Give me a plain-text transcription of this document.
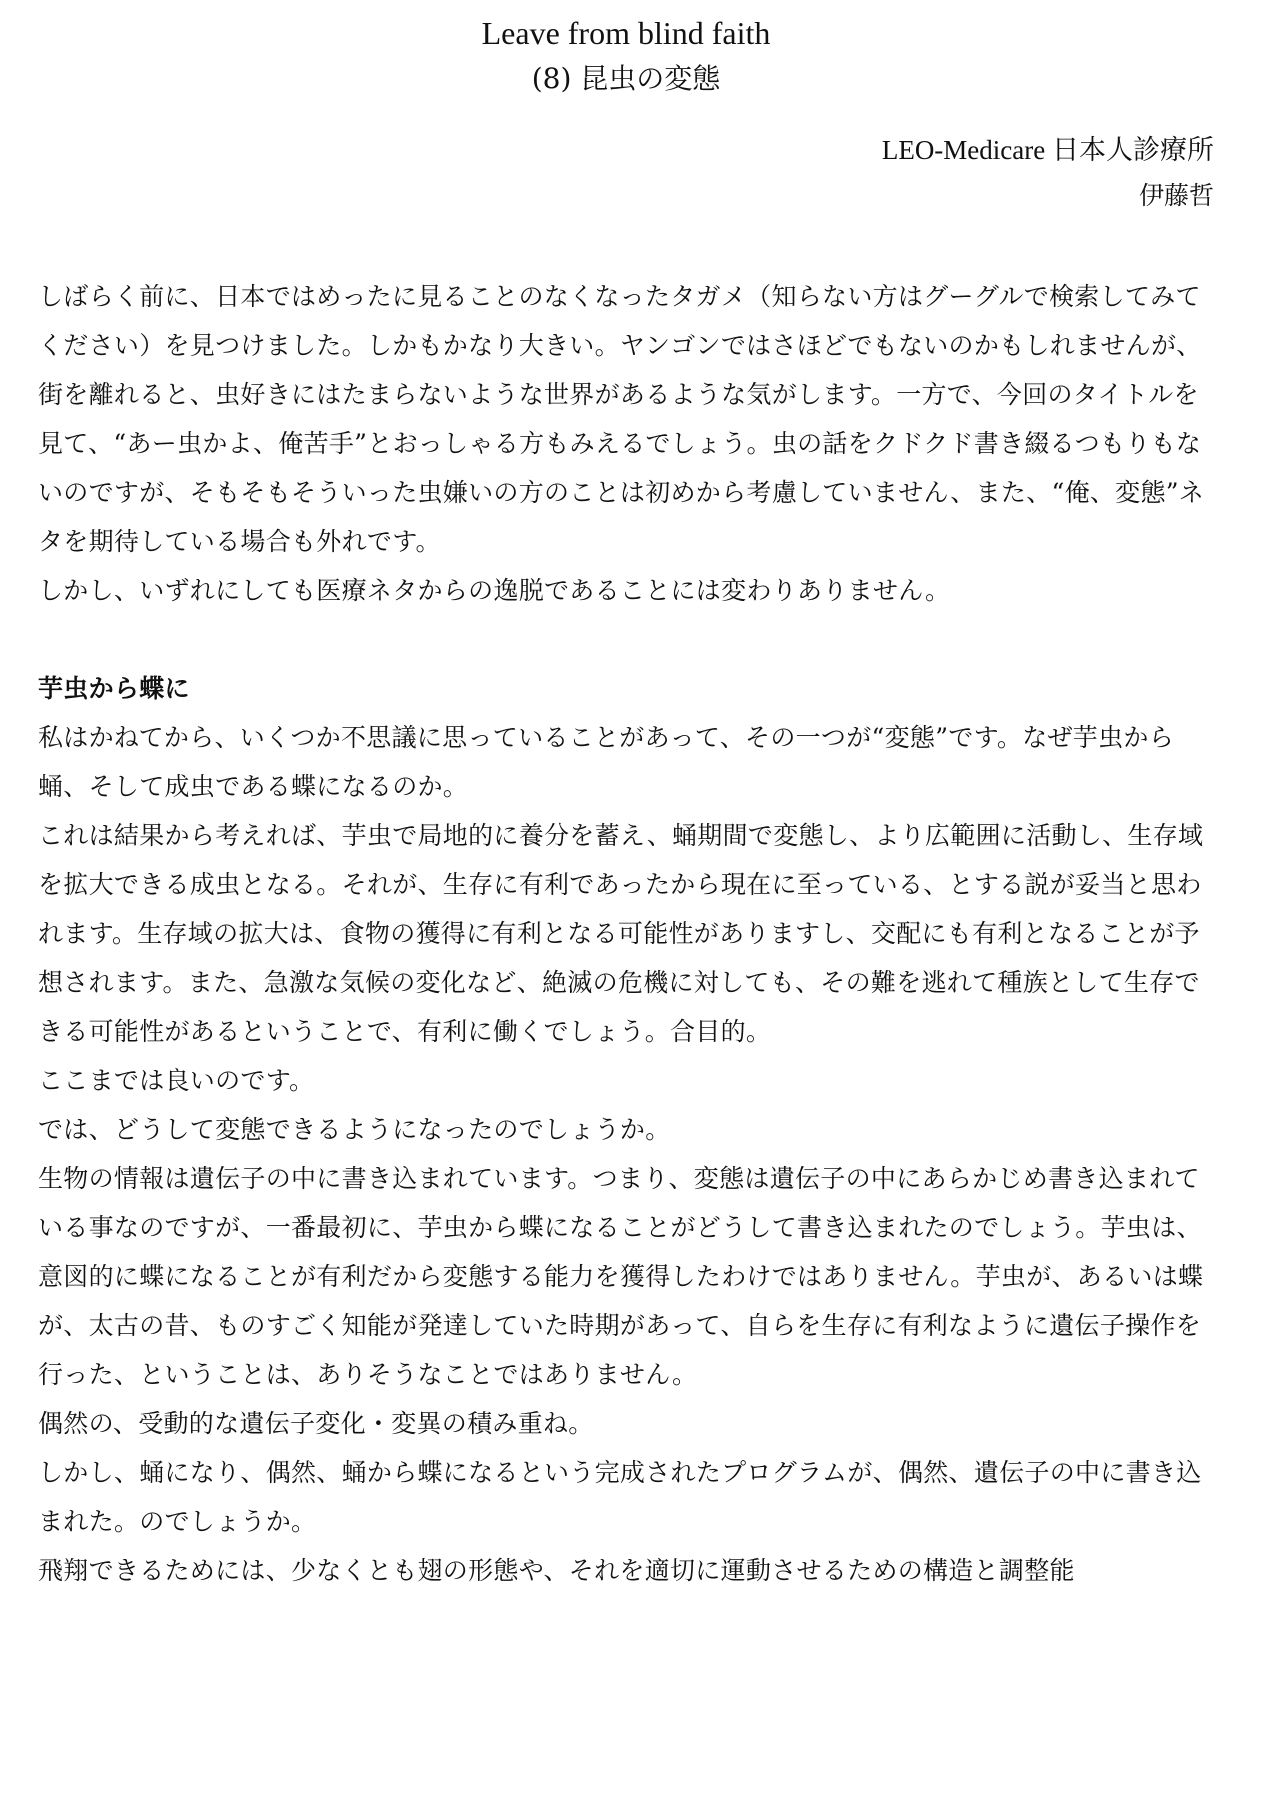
Leave from blind faith
(8) 昆虫の変態
LEO-Medicare 日本人診療所
伊藤哲

しばらく前に、日本ではめったに見ることのなくなったタガメ（知らない方はグーグルで検索してみてください）を見つけました。しかもかなり大きい。ヤンゴンではさほどでもないのかもしれませんが、街を離れると、虫好きにはたまらないような世界があるような気がします。一方で、今回のタイトルを見て、“あー虫かよ、俺苦手”とおっしゃる方もみえるでしょう。虫の話をクドクド書き綴るつもりもないのですが、そもそもそういった虫嫌いの方のことは初めから考慮していません、また、“俺、変態”ネタを期待している場合も外れです。

しかし、いずれにしても医療ネタからの逸脱であることには変わりありません。

芋虫から蝶に

私はかねてから、いくつか不思議に思っていることがあって、その一つが“変態”です。なぜ芋虫から蛹、そして成虫である蝶になるのか。

これは結果から考えれば、芋虫で局地的に養分を蓄え、蛹期間で変態し、より広範囲に活動し、生存域を拡大できる成虫となる。それが、生存に有利であったから現在に至っている、とする説が妥当と思われます。生存域の拡大は、食物の獲得に有利となる可能性がありますし、交配にも有利となることが予想されます。また、急激な気候の変化など、絶滅の危機に対しても、その難を逃れて種族として生存できる可能性があるということで、有利に働くでしょう。合目的。

ここまでは良いのです。

では、どうして変態できるようになったのでしょうか。

生物の情報は遺伝子の中に書き込まれています。つまり、変態は遺伝子の中にあらかじめ書き込まれている事なのですが、一番最初に、芋虫から蝶になることがどうして書き込まれたのでしょう。芋虫は、意図的に蝶になることが有利だから変態する能力を獲得したわけではありません。芋虫が、あるいは蝶が、太古の昔、ものすごく知能が発達していた時期があって、自らを生存に有利なように遺伝子操作を行った、ということは、ありそうなことではありません。

偶然の、受動的な遺伝子変化・変異の積み重ね。

しかし、蛹になり、偶然、蛹から蝶になるという完成されたプログラムが、偶然、遺伝子の中に書き込まれた。のでしょうか。

飛翔できるためには、少なくとも翅の形態や、それを適切に運動させるための構造と調整能
